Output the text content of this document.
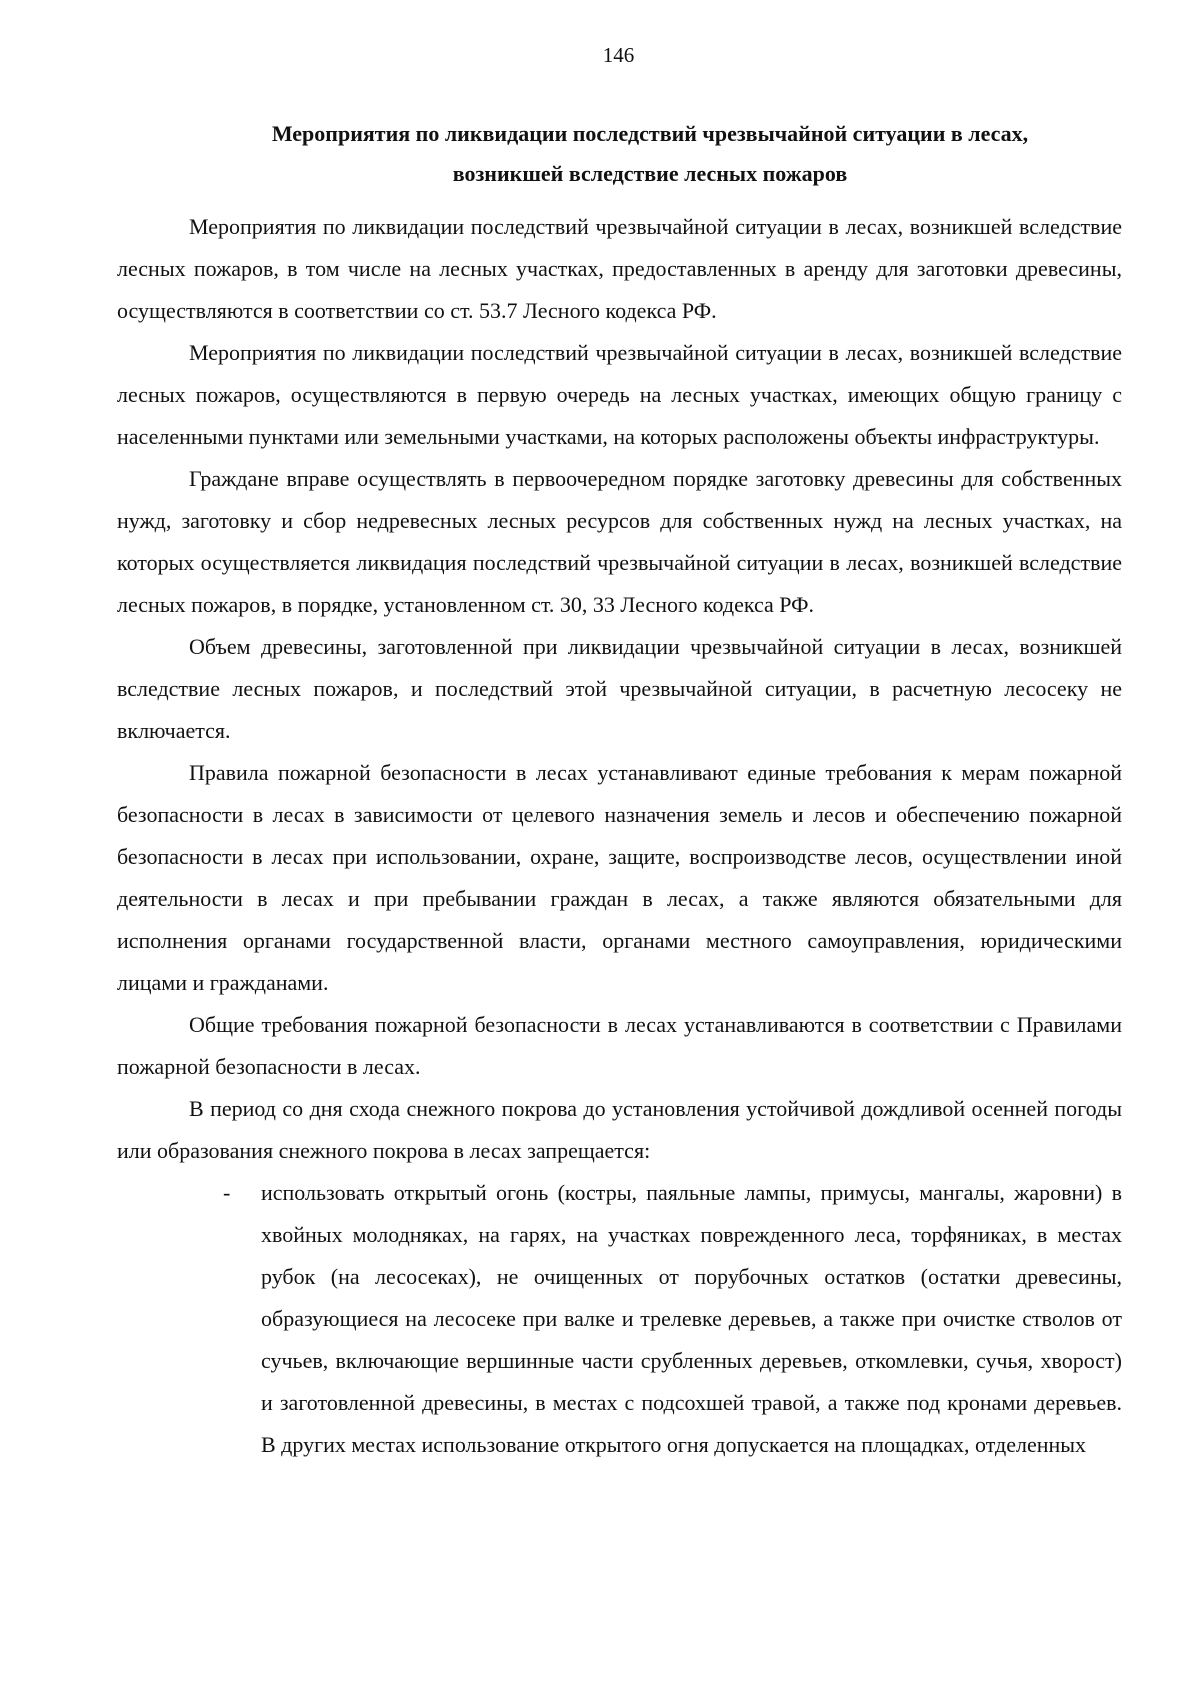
146
Мероприятия по ликвидации последствий чрезвычайной ситуации в лесах,
возникшей вследствие лесных пожаров

Мероприятия по ликвидации последствий чрезвычайной ситуации в лесах, возникшей вследствие лесных пожаров, в том числе на лесных участках, предоставленных в аренду для заготовки древесины, осуществляются в соответствии со ст. 53.7 Лесного кодекса РФ.

Мероприятия по ликвидации последствий чрезвычайной ситуации в лесах, возникшей вследствие лесных пожаров, осуществляются в первую очередь на лесных участках, имеющих общую границу с населенными пунктами или земельными участками, на которых расположены объекты инфраструктуры.

Граждане вправе осуществлять в первоочередном порядке заготовку древесины для собственных нужд, заготовку и сбор недревесных лесных ресурсов для собственных нужд на лесных участках, на которых осуществляется ликвидация последствий чрезвычайной ситуации в лесах, возникшей вследствие лесных пожаров, в порядке, установленном ст. 30, 33 Лесного кодекса РФ.

Объем древесины, заготовленной при ликвидации чрезвычайной ситуации в лесах, возникшей вследствие лесных пожаров, и последствий этой чрезвычайной ситуации, в расчетную лесосеку не включается.

Правила пожарной безопасности в лесах устанавливают единые требования к мерам пожарной безопасности в лесах в зависимости от целевого назначения земель и лесов и обеспечению пожарной безопасности в лесах при использовании, охране, защите, воспроизводстве лесов, осуществлении иной деятельности в лесах и при пребывании граждан в лесах, а также являются обязательными для исполнения органами государственной власти, органами местного самоуправления, юридическими лицами и гражданами.

Общие требования пожарной безопасности в лесах устанавливаются в соответствии с Правилами пожарной безопасности в лесах.

В период со дня схода снежного покрова до установления устойчивой дождливой осенней погоды или образования снежного покрова в лесах запрещается:

- использовать открытый огонь (костры, паяльные лампы, примусы, мангалы, жаровни) в хвойных молодняках, на гарях, на участках поврежденного леса, торфяниках, в местах рубок (на лесосеках), не очищенных от порубочных остатков (остатки древесины, образующиеся на лесосеке при валке и трелевке деревьев, а также при очистке стволов от сучьев, включающие вершинные части срубленных деревьев, откомлевки, сучья, хворост) и заготовленной древесины, в местах с подсохшей травой, а также под кронами деревьев. В других местах использование открытого огня допускается на площадках, отделенных
